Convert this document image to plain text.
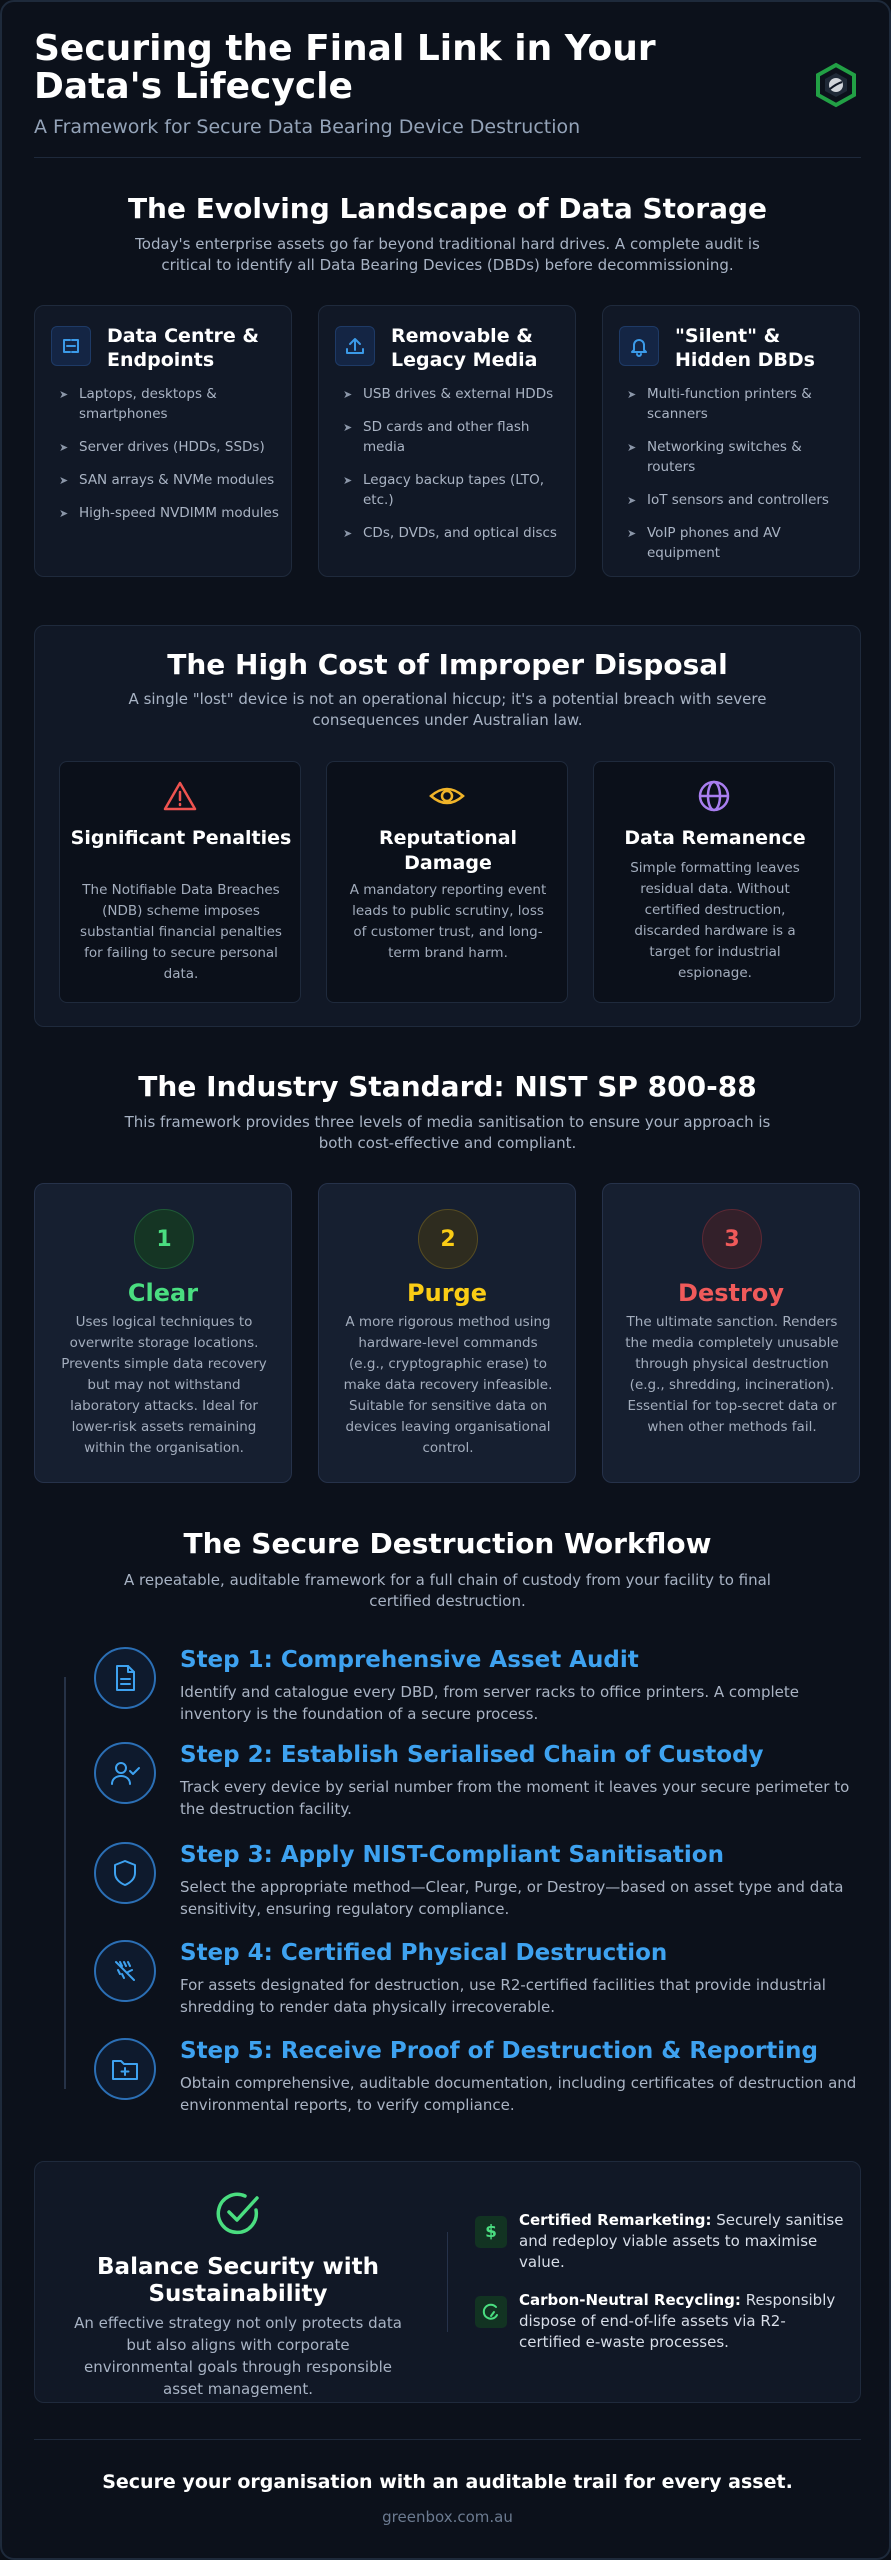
Securing the Final Link in Your Data's Lifecycle
A Framework for Secure Data Bearing Device Destruction
The Evolving Landscape of Data Storage
Today's enterprise assets go far beyond traditional hard drives. A complete audit is critical to identify all Data Bearing Devices (DBDs) before decommissioning.
Data Centre & Endpoints
➤ Laptops, desktops & smartphones
➤ Server drives (HDDs, SSDs)
➤ SAN arrays & NVMe modules
➤ High-speed NVDIMM modules
Removable & Legacy Media
➤ USB drives & external HDDs
➤ SD cards and other flash media
➤ Legacy backup tapes (LTO, etc.)
➤ CDs, DVDs, and optical discs
"Silent" & Hidden DBDs
➤ Multi-function printers & scanners
➤ Networking switches & routers
➤ IoT sensors and controllers
➤ VoIP phones and AV equipment
The High Cost of Improper Disposal
A single "lost" device is not an operational hiccup; it's a potential breach with severe consequences under Australian law.
Significant Penalties

The Notifiable Data Breaches (NDB) scheme imposes substantial financial penalties for failing to secure personal data.

Reputational Damage

A mandatory reporting event leads to public scrutiny, loss of customer trust, and long-term brand harm.

Data Remanence

Simple formatting leaves residual data. Without certified destruction, discarded hardware is a target for industrial espionage.

The Industry Standard: NIST SP 800-88
This framework provides three levels of media sanitisation to ensure your approach is both cost-effective and compliant.
1
Clear

Uses logical techniques to overwrite storage locations. Prevents simple data recovery but may not withstand laboratory attacks. Ideal for lower-risk assets remaining within the organisation.

2
Purge

A more rigorous method using hardware-level commands (e.g., cryptographic erase) to make data recovery infeasible. Suitable for sensitive data on devices leaving organisational control.

3
Destroy

The ultimate sanction. Renders the media completely unusable through physical destruction (e.g., shredding, incineration). Essential for top-secret data or when other methods fail.

The Secure Destruction Workflow
A repeatable, auditable framework for a full chain of custody from your facility to final certified destruction.
Step 1: Comprehensive Asset Audit

Identify and catalogue every DBD, from server racks to office printers. A complete inventory is the foundation of a secure process.

Step 2: Establish Serialised Chain of Custody

Track every device by serial number from the moment it leaves your secure perimeter to the destruction facility.

Step 3: Apply NIST-Compliant Sanitisation

Select the appropriate method—Clear, Purge, or Destroy—based on asset type and data sensitivity, ensuring regulatory compliance.

Step 4: Certified Physical Destruction

For assets designated for destruction, use R2-certified facilities that provide industrial shredding to render data physically irrecoverable.

Step 5: Receive Proof of Destruction & Reporting

Obtain comprehensive, auditable documentation, including certificates of destruction and environmental reports, to verify compliance.

Balance Security with Sustainability

An effective strategy not only protects data but also aligns with corporate environmental goals through responsible asset management.

$
Certified Remarketing: Securely sanitise and redeploy viable assets to maximise value.
Carbon-Neutral Recycling: Responsibly dispose of end-of-life assets via R2-certified e-waste processes.
Secure your organisation with an auditable trail for every asset.
greenbox.com.au
